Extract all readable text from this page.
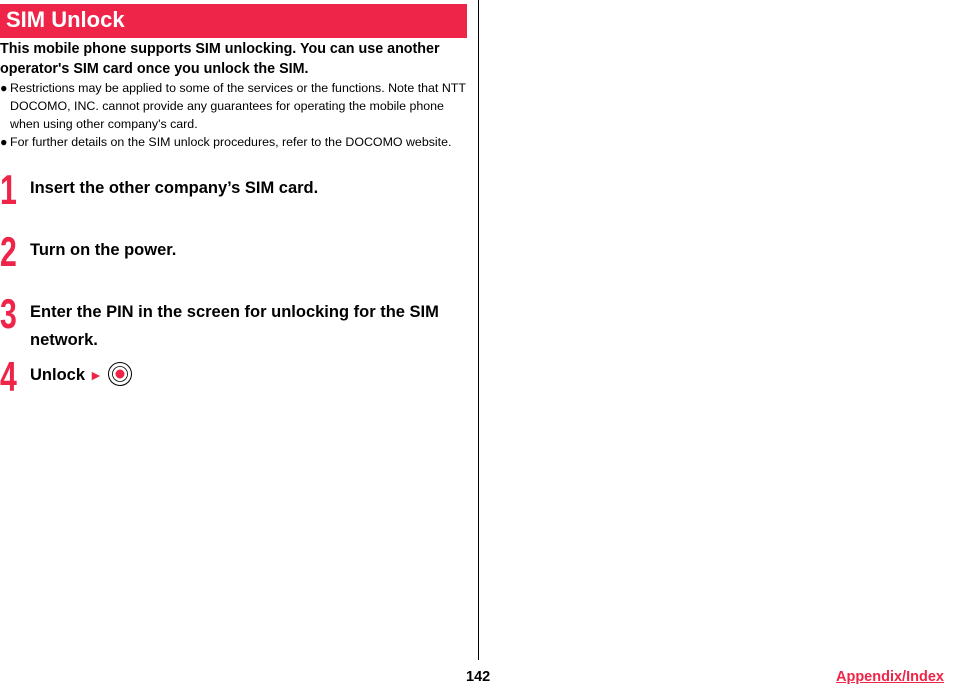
SIM Unlock
This mobile phone supports SIM unlocking. You can use another operator's SIM card once you unlock the SIM.
● Restrictions may be applied to some of the services or the functions. Note that NTT DOCOMO, INC. cannot provide any guarantees for operating the mobile phone when using other company's card.
● For further details on the SIM unlock procedures, refer to the DOCOMO website.
1 Insert the other company’s SIM card.
2 Turn on the power.
3 Enter the PIN in the screen for unlocking for the SIM network.
4 Unlock ►
142	Appendix/Index
